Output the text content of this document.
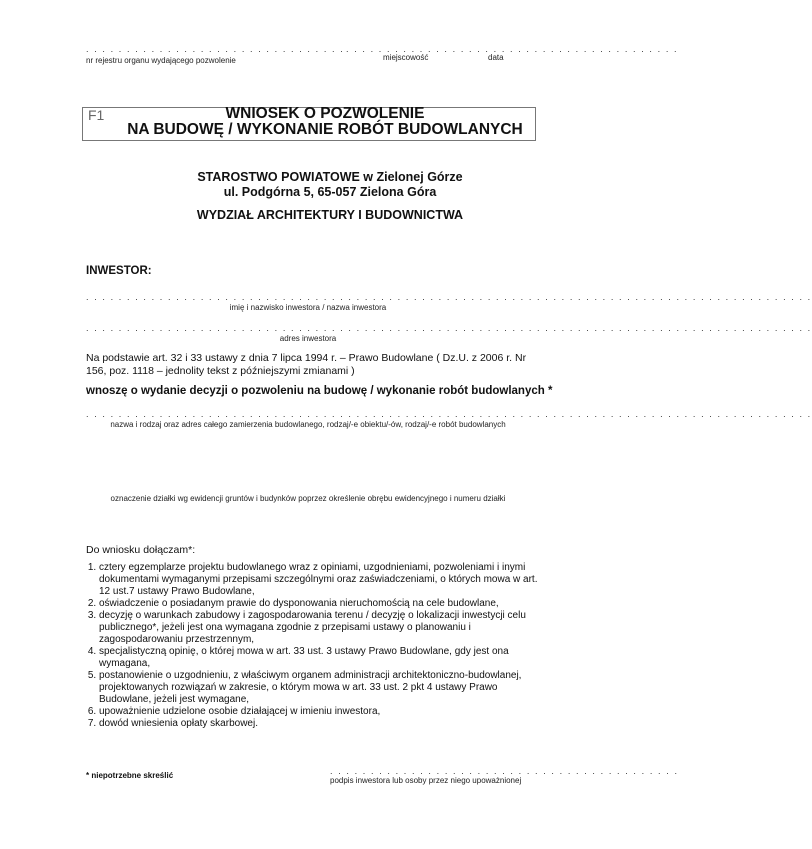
. . . . . . . . . . . . . . . . . . . . . . . . . . . . . . . .
nr rejestru organu wydającego pozwolenie
. . . . . . . . . . . . . . . . . . . . . . . . . . . . . . . . . . . . . . . . .
miejscowość	data
F1	WNIOSEK O POZWOLENIE
NA BUDOWĘ / WYKONANIE ROBÓT BUDOWLANYCH
STAROSTWO POWIATOWE w Zielonej Górze
ul. Podgórna 5, 65-057 Zielona Góra
WYDZIAŁ ARCHITEKTURY I BUDOWNICTWA
INWESTOR:
. . . . . . . . . . . . . . . . . . . . . . . . . . . . . . . . . . . . . . . . . . . . . . . . . . . . . . . . . . . . . . . . . . . . . . . . . . . . . . . . . . . . . . . . .
imię i nazwisko inwestora / nazwa inwestora
. . . . . . . . . . . . . . . . . . . . . . . . . . . . . . . . . . . . . . . . . . . . . . . . . . . . . . . . . . . . . . . . . . . . . . . . . . . . . . . . . . . . . . . . .
adres inwestora
Na podstawie art. 32 i 33 ustawy z dnia 7 lipca 1994 r. – Prawo Budowlane ( Dz.U. z 2006 r. Nr 156, poz. 1118 – jednolity tekst z późniejszymi zmianami )
wnoszę o wydanie decyzji o pozwoleniu na budowę / wykonanie robót budowlanych *
. . . . . . . . . . . . . . . . . . . . . . . . . . . . . . . . . . . . . . . . . . . . . . . . . . . . . . . . . . . . . . . . . . . . . . . . . . . . . . . . . . . . . . . . .
nazwa i rodzaj oraz adres całego zamierzenia budowlanego, rodzaj/-e obiektu/-ów, rodzaj/-e robót budowlanych
oznaczenie działki wg ewidencji gruntów i budynków poprzez określenie obrębu ewidencyjnego i numeru działki
Do wniosku dołączam*:
1. cztery egzemplarze projektu budowlanego wraz z opiniami, uzgodnieniami, pozwoleniami i inymi dokumentami wymaganymi przepisami szczególnymi oraz zaświadczeniami, o których mowa w art. 12 ust.7 ustawy Prawo Budowlane,
2. oświadczenie o posiadanym prawie do dysponowania nieruchomością na cele budowlane,
3. decyzję o warunkach zabudowy i zagospodarowania terenu / decyzję o lokalizacji inwestycji celu publicznego*, jeżeli jest ona wymagana zgodnie z przepisami ustawy o planowaniu i zagospodarowaniu przestrzennym,
4. specjalistyczną opinię, o której mowa w art. 33 ust. 3 ustawy Prawo Budowlane, gdy jest ona wymagana,
5. postanowienie o uzgodnieniu, z właściwym organem administracji architektoniczno-budowlanej, projektowanych rozwiązań w zakresie, o którym mowa w art. 33 ust. 2 pkt 4 ustawy Prawo Budowlane, jeżeli jest wymagane,
6. upoważnienie udzielone osobie działającej w imieniu inwestora,
7. dowód wniesienia opłaty skarbowej.
* niepotrzebne skreślić	. . . . . . . . . . . . . . . . . . . . . . . . . . . . . . . . . . . . . . . . . . .
podpis inwestora lub osoby przez niego upoważnionej
